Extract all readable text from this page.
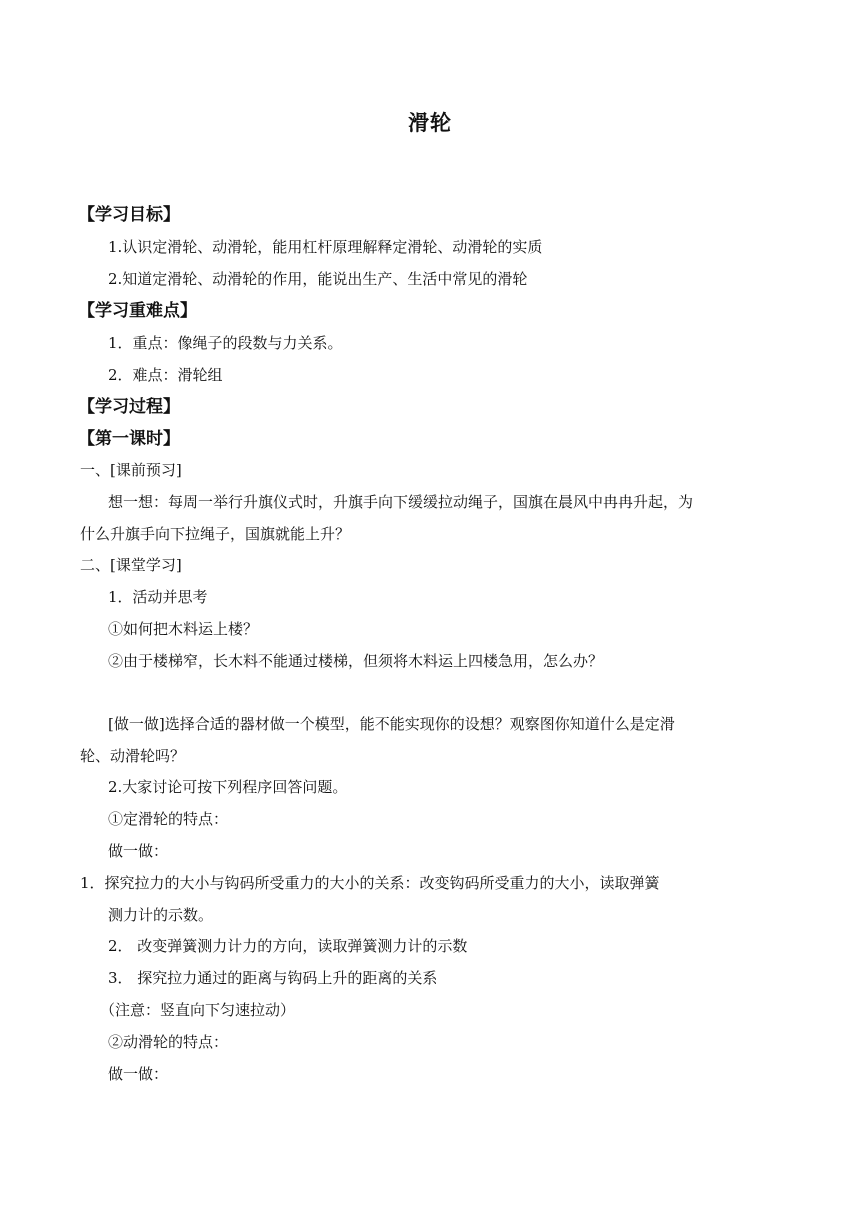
滑轮
【学习目标】
1.认识定滑轮、动滑轮，能用杠杆原理解释定滑轮、动滑轮的实质
2.知道定滑轮、动滑轮的作用，能说出生产、生活中常见的滑轮
【学习重难点】
1．重点：像绳子的段数与力关系。
2．难点：滑轮组
【学习过程】
【第一课时】
一、[课前预习]
想一想：每周一举行升旗仪式时，升旗手向下缓缓拉动绳子，国旗在晨风中冉冉升起，为
什么升旗手向下拉绳子，国旗就能上升？
二、[课堂学习]
1．活动并思考
①如何把木料运上楼？
②由于楼梯窄，长木料不能通过楼梯，但须将木料运上四楼急用，怎么办？
[做一做]选择合适的器材做一个模型，能不能实现你的设想？观察图你知道什么是定滑
轮、动滑轮吗？
2.大家讨论可按下列程序回答问题。
①定滑轮的特点：
做一做：
1．探究拉力的大小与钩码所受重力的大小的关系：改变钩码所受重力的大小，读取弹簧
测力计的示数。
2． 改变弹簧测力计力的方向，读取弹簧测力计的示数
3． 探究拉力通过的距离与钩码上升的距离的关系
（注意：竖直向下匀速拉动）
②动滑轮的特点：
做一做：
